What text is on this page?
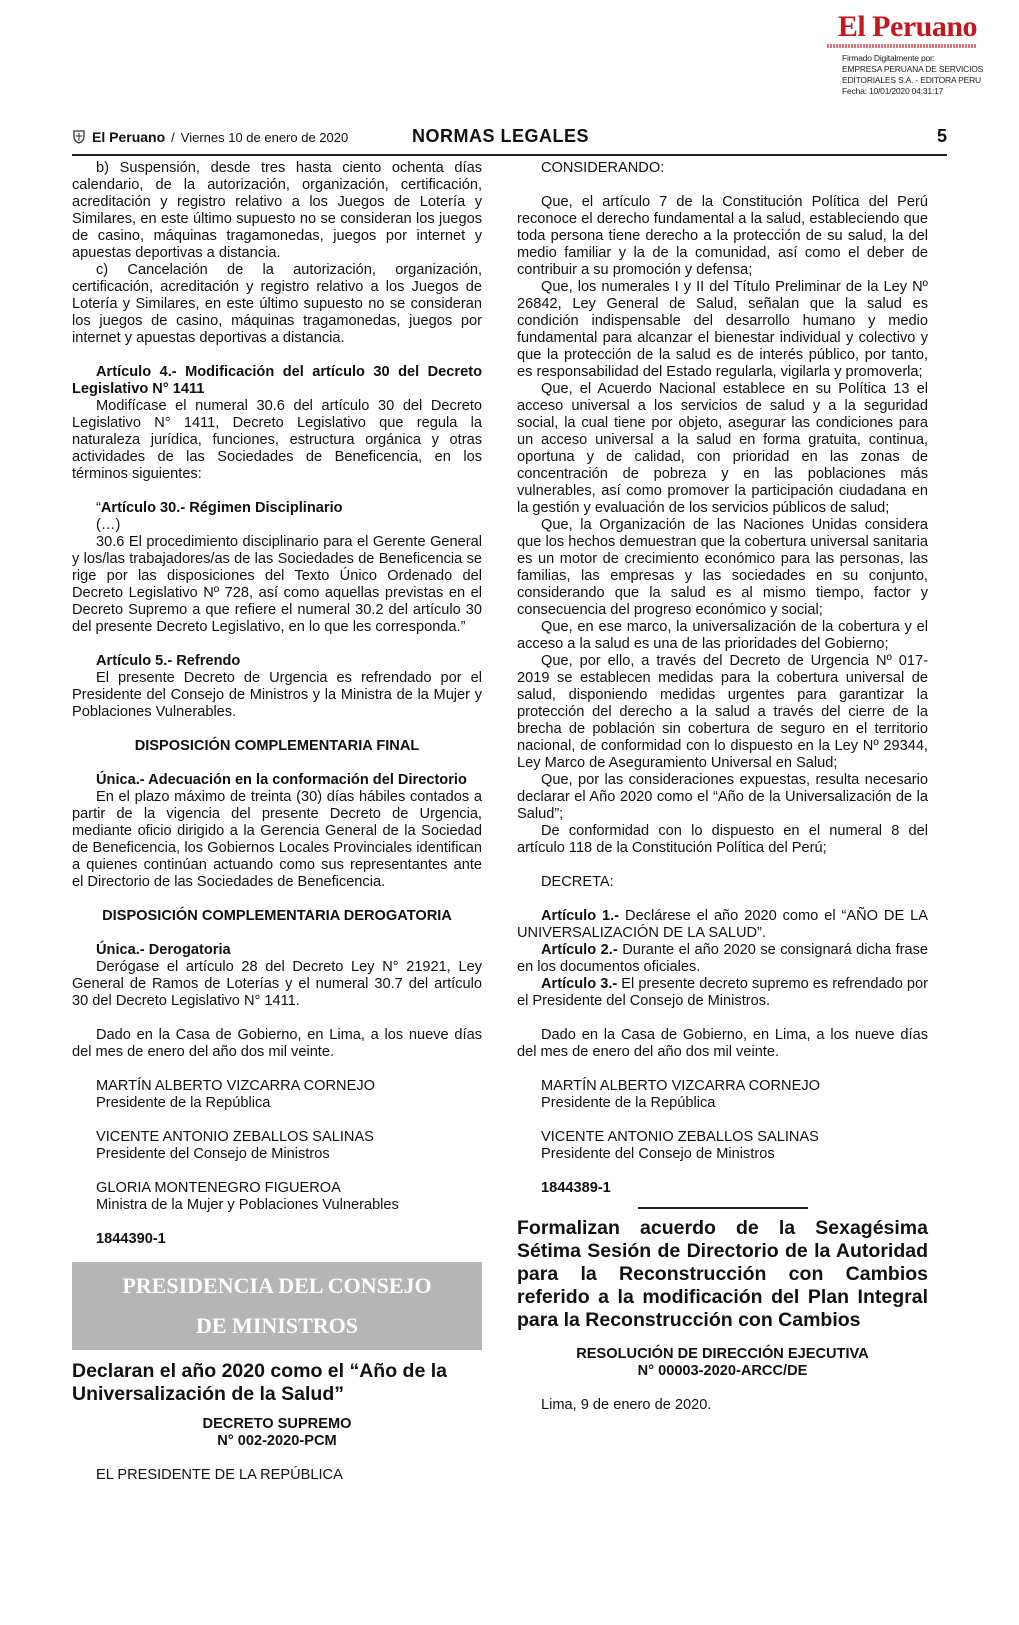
El Peruano
Firmado Digitalmente por:
EMPRESA PERUANA DE SERVICIOS
EDITORIALES S.A. - EDITORA PERU
Fecha: 10/01/2020 04:31:17
El Peruano / Viernes 10 de enero de 2020	NORMAS LEGALES	5

b) Suspensión, desde tres hasta ciento ochenta días calendario, de la autorización, organización, certificación, acreditación y registro relativo a los Juegos de Lotería y Similares, en este último supuesto no se consideran los juegos de casino, máquinas tragamonedas, juegos por internet y apuestas deportivas a distancia.

c) Cancelación de la autorización, organización, certificación, acreditación y registro relativo a los Juegos de Lotería y Similares, en este último supuesto no se consideran los juegos de casino, máquinas tragamonedas, juegos por internet y apuestas deportivas a distancia.

Artículo 4.- Modificación del artículo 30 del Decreto Legislativo N° 1411

Modifícase el numeral 30.6 del artículo 30 del Decreto Legislativo N° 1411, Decreto Legislativo que regula la naturaleza jurídica, funciones, estructura orgánica y otras actividades de las Sociedades de Beneficencia, en los términos siguientes:

“Artículo 30.- Régimen Disciplinario

(…)

30.6 El procedimiento disciplinario para el Gerente General y los/las trabajadores/as de las Sociedades de Beneficencia se rige por las disposiciones del Texto Único Ordenado del Decreto Legislativo Nº 728, así como aquellas previstas en el Decreto Supremo a que refiere el numeral 30.2 del artículo 30 del presente Decreto Legislativo, en lo que les corresponda.”

Artículo 5.- Refrendo

El presente Decreto de Urgencia es refrendado por el Presidente del Consejo de Ministros y la Ministra de la Mujer y Poblaciones Vulnerables.

DISPOSICIÓN COMPLEMENTARIA FINAL

Única.- Adecuación en la conformación del Directorio

En el plazo máximo de treinta (30) días hábiles contados a partir de la vigencia del presente Decreto de Urgencia, mediante oficio dirigido a la Gerencia General de la Sociedad de Beneficencia, los Gobiernos Locales Provinciales identifican a quienes continúan actuando como sus representantes ante el Directorio de las Sociedades de Beneficencia.

DISPOSICIÓN COMPLEMENTARIA DEROGATORIA

Única.- Derogatoria

Derógase el artículo 28 del Decreto Ley N° 21921, Ley General de Ramos de Loterías y el numeral 30.7 del artículo 30 del Decreto Legislativo N° 1411.

Dado en la Casa de Gobierno, en Lima, a los nueve días del mes de enero del año dos mil veinte.

MARTÍN ALBERTO VIZCARRA CORNEJO

Presidente de la República

VICENTE ANTONIO ZEBALLOS SALINAS

Presidente del Consejo de Ministros

GLORIA MONTENEGRO FIGUEROA

Ministra de la Mujer y Poblaciones Vulnerables

1844390-1

PRESIDENCIA DEL CONSEJO
DE MINISTROS
Declaran el año 2020 como el “Año de la Universalización de la Salud”
DECRETO SUPREMO
N° 002-2020-PCM

EL PRESIDENTE DE LA REPÚBLICA

CONSIDERANDO:

Que, el artículo 7 de la Constitución Política del Perú reconoce el derecho fundamental a la salud, estableciendo que toda persona tiene derecho a la protección de su salud, la del medio familiar y la de la comunidad, así como el deber de contribuir a su promoción y defensa;

Que, los numerales I y II del Título Preliminar de la Ley Nº 26842, Ley General de Salud, señalan que la salud es condición indispensable del desarrollo humano y medio fundamental para alcanzar el bienestar individual y colectivo y que la protección de la salud es de interés público, por tanto, es responsabilidad del Estado regularla, vigilarla y promoverla;

Que, el Acuerdo Nacional establece en su Política 13 el acceso universal a los servicios de salud y a la seguridad social, la cual tiene por objeto, asegurar las condiciones para un acceso universal a la salud en forma gratuita, continua, oportuna y de calidad, con prioridad en las zonas de concentración de pobreza y en las poblaciones más vulnerables, así como promover la participación ciudadana en la gestión y evaluación de los servicios públicos de salud;

Que, la Organización de las Naciones Unidas considera que los hechos demuestran que la cobertura universal sanitaria es un motor de crecimiento económico para las personas, las familias, las empresas y las sociedades en su conjunto, considerando que la salud es al mismo tiempo, factor y consecuencia del progreso económico y social;

Que, en ese marco, la universalización de la cobertura y el acceso a la salud es una de las prioridades del Gobierno;

Que, por ello, a través del Decreto de Urgencia Nº 017-2019 se establecen medidas para la cobertura universal de salud, disponiendo medidas urgentes para garantizar la protección del derecho a la salud a través del cierre de la brecha de población sin cobertura de seguro en el territorio nacional, de conformidad con lo dispuesto en la Ley Nº 29344, Ley Marco de Aseguramiento Universal en Salud;

Que, por las consideraciones expuestas, resulta necesario declarar el Año 2020 como el “Año de la Universalización de la Salud”;

De conformidad con lo dispuesto en el numeral 8 del artículo 118 de la Constitución Política del Perú;

DECRETA:

Artículo 1.- Declárese el año 2020 como el “AÑO DE LA UNIVERSALIZACIÓN DE LA SALUD”.

Artículo 2.- Durante el año 2020 se consignará dicha frase en los documentos oficiales.

Artículo 3.- El presente decreto supremo es refrendado por el Presidente del Consejo de Ministros.

Dado en la Casa de Gobierno, en Lima, a los nueve días del mes de enero del año dos mil veinte.

MARTÍN ALBERTO VIZCARRA CORNEJO

Presidente de la República

VICENTE ANTONIO ZEBALLOS SALINAS

Presidente del Consejo de Ministros

1844389-1

Formalizan acuerdo de la Sexagésima Sétima Sesión de Directorio de la Autoridad para la Reconstrucción con Cambios referido a la modificación del Plan Integral para la Reconstrucción con Cambios
RESOLUCIÓN DE DIRECCIÓN EJECUTIVA
N° 00003-2020-ARCC/DE

Lima, 9 de enero de 2020.
